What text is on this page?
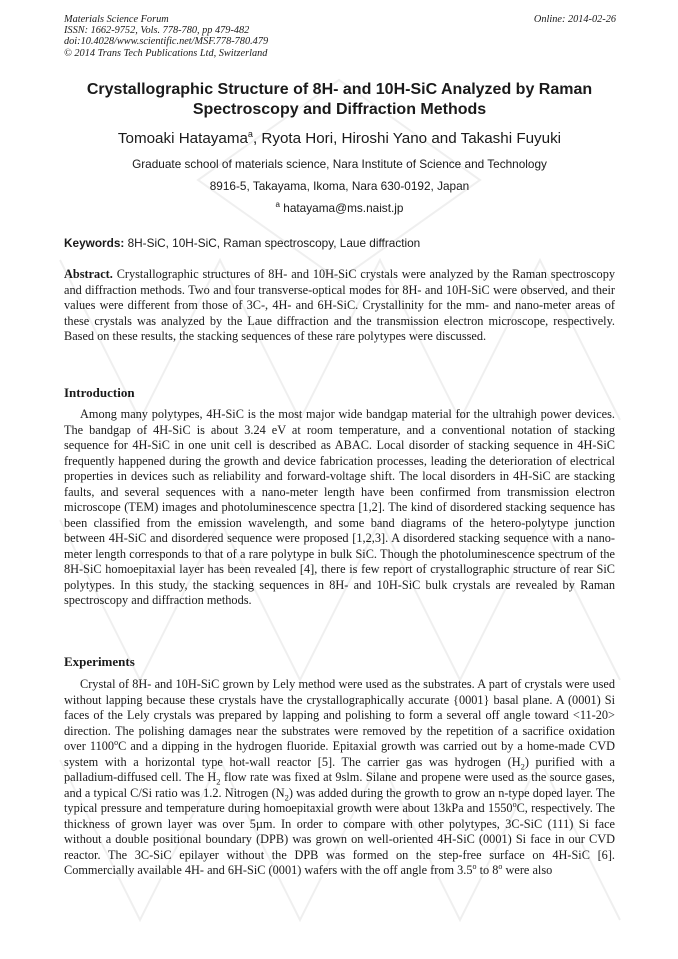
Materials Science Forum
ISSN: 1662-9752, Vols. 778-780, pp 479-482
doi:10.4028/www.scientific.net/MSF.778-780.479
© 2014 Trans Tech Publications Ltd, Switzerland
Online: 2014-02-26
Crystallographic Structure of 8H- and 10H-SiC Analyzed by Raman
Spectroscopy and Diffraction Methods
Tomoaki Hatayama$^a$, Ryota Hori, Hiroshi Yano and Takashi Fuyuki
Graduate school of materials science, Nara Institute of Science and Technology
8916-5, Takayama, Ikoma, Nara 630-0192, Japan
$^a$ hatayama@ms.naist.jp
Keywords: 8H-SiC, 10H-SiC, Raman spectroscopy, Laue diffraction

Abstract. Crystallographic structures of 8H- and 10H-SiC crystals were analyzed by the Raman spectroscopy and diffraction methods. Two and four transverse-optical modes for 8H- and 10H-SiC were observed, and their values were different from those of 3C-, 4H- and 6H-SiC. Crystallinity for the mm- and nano-meter areas of these crystals was analyzed by the Laue diffraction and the transmission electron microscope, respectively. Based on these results, the stacking sequences of these rare polytypes were discussed.

Introduction

Among many polytypes, 4H-SiC is the most major wide bandgap material for the ultrahigh power devices. The bandgap of 4H-SiC is about 3.24 eV at room temperature, and a conventional notation of stacking sequence for 4H-SiC in one unit cell is described as ABAC. Local disorder of stacking sequence in 4H-SiC frequently happened during the growth and device fabrication processes, leading the deterioration of electrical properties in devices such as reliability and forward-voltage shift. The local disorders in 4H-SiC are stacking faults, and several sequences with a nano-meter length have been confirmed from transmission electron microscope (TEM) images and photoluminescence spectra [1,2]. The kind of disordered stacking sequence has been classified from the emission wavelength, and some band diagrams of the hetero-polytype junction between 4H-SiC and disordered sequence were proposed [1,2,3]. A disordered stacking sequence with a nano-meter length corresponds to that of a rare polytype in bulk SiC. Though the photoluminescence spectrum of the 8H-SiC homoepitaxial layer has been revealed [4], there is few report of crystallographic structure of rear SiC polytypes. In this study, the stacking sequences in 8H- and 10H-SiC bulk crystals are revealed by Raman spectroscopy and diffraction methods.

Experiments

Crystal of 8H- and 10H-SiC grown by Lely method were used as the substrates. A part of crystals were used without lapping because these crystals have the crystallographically accurate {0001} basal plane. A (0001) Si faces of the Lely crystals was prepared by lapping and polishing to form a several off angle toward <11-20> direction. The polishing damages near the substrates were removed by the repetition of a sacrifice oxidation over 1100$^o$C and a dipping in the hydrogen fluoride. Epitaxial growth was carried out by a home-made CVD system with a horizontal type hot-wall reactor [5]. The carrier gas was hydrogen $(H_2)$ purified with a palladium-diffused cell. The $H_2$ flow rate was fixed at 9slm. Silane and propene were used as the source gases, and a typical C/Si ratio was 1.2. Nitrogen $(N_2)$ was added during the growth to grow an n-type doped layer. The typical pressure and temperature during homoepitaxial growth were about 13kPa and 1550$^o$C, respectively. The thickness of grown layer was over 5µm. In order to compare with other polytypes, 3C-SiC (111) Si face without a double positional boundary (DPB) was grown on well-oriented 4H-SiC (0001) Si face in our CVD reactor. The 3C-SiC epilayer without the DPB was formed on the step-free surface on 4H-SiC [6]. Commercially available 4H- and 6H-SiC (0001) wafers with the off angle from 3.5$^o$ to 8$^o$ were also
